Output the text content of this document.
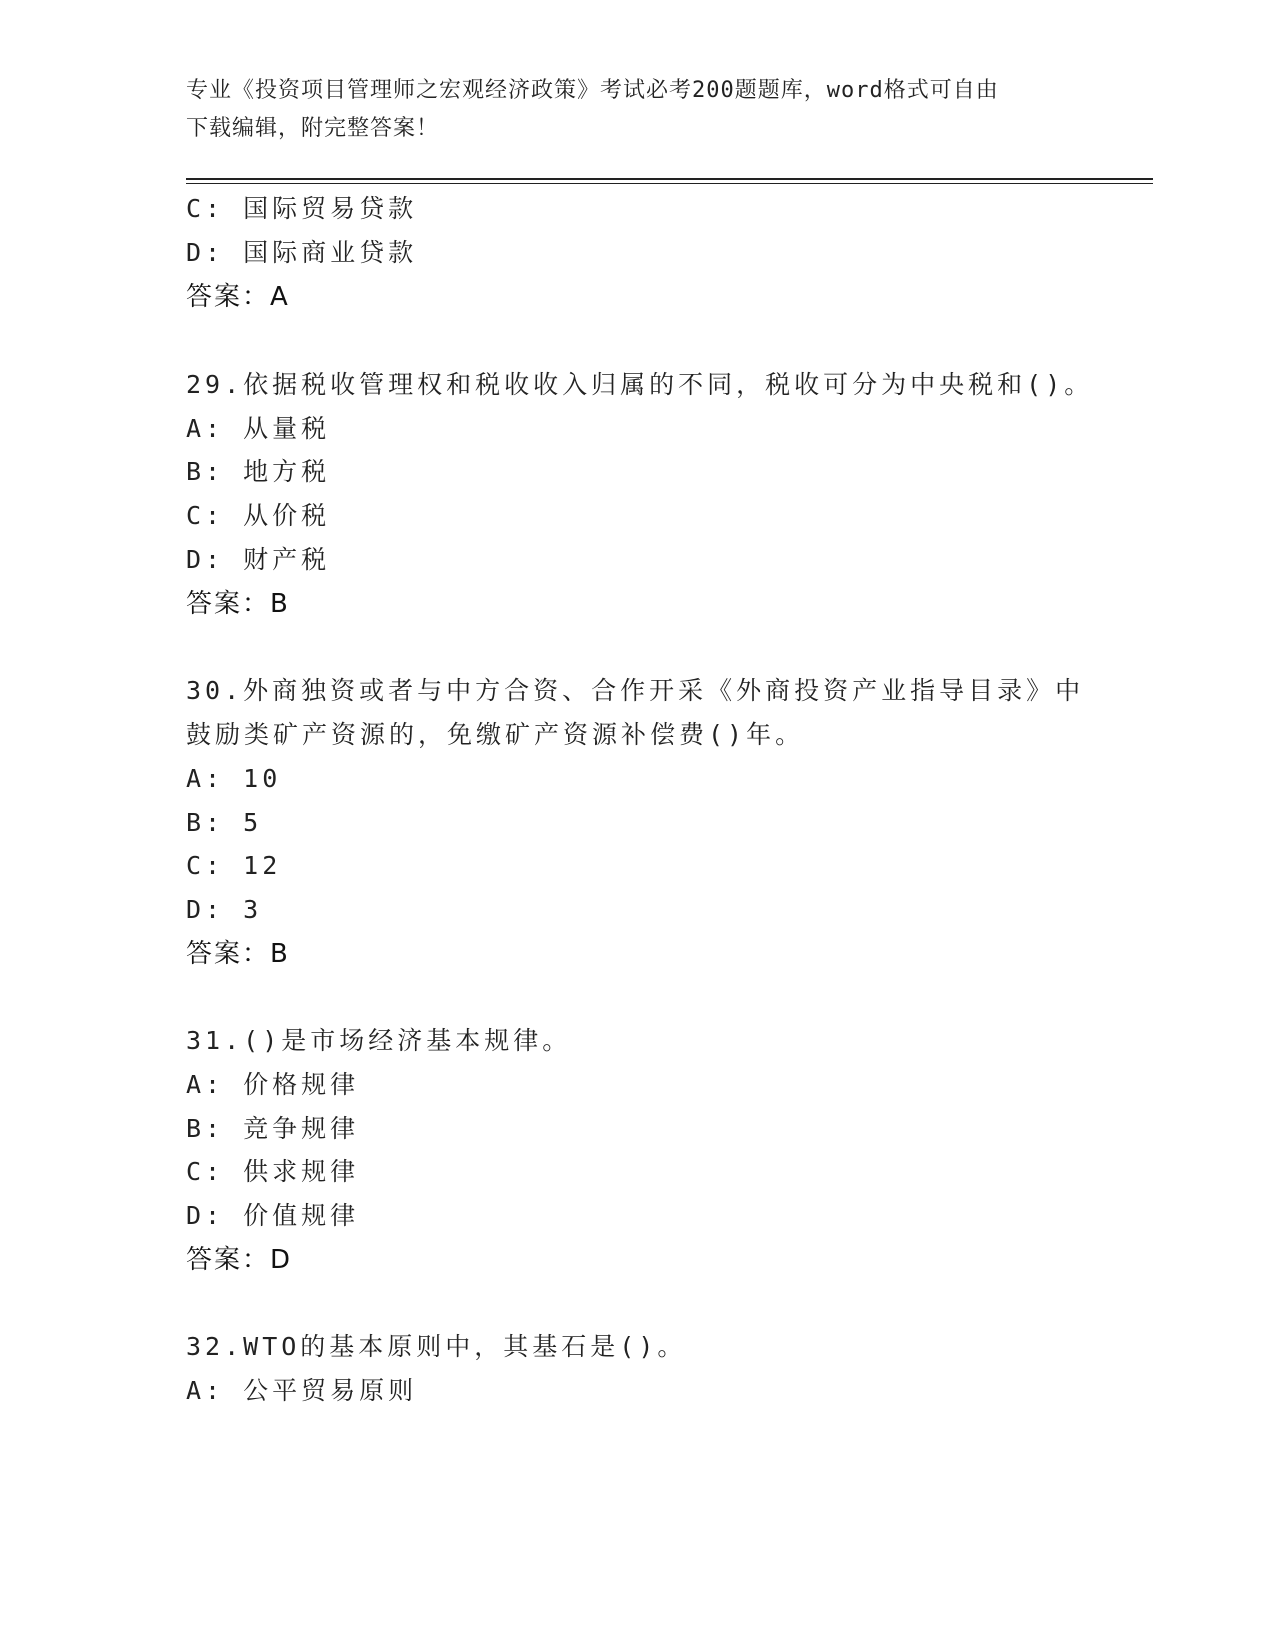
专业《投资项目管理师之宏观经济政策》考试必考200题题库，word格式可自由
下载编辑，附完整答案！
C: 国际贸易贷款
D: 国际商业贷款
答案：A
29.依据税收管理权和税收收入归属的不同，税收可分为中央税和()。
A: 从量税
B: 地方税
C: 从价税
D: 财产税
答案：B
30.外商独资或者与中方合资、合作开采《外商投资产业指导目录》中
鼓励类矿产资源的，免缴矿产资源补偿费()年。
A: 10
B: 5
C: 12
D: 3
答案：B
31.()是市场经济基本规律。
A: 价格规律
B: 竞争规律
C: 供求规律
D: 价值规律
答案：D
32.WTO的基本原则中，其基石是()。
A: 公平贸易原则
